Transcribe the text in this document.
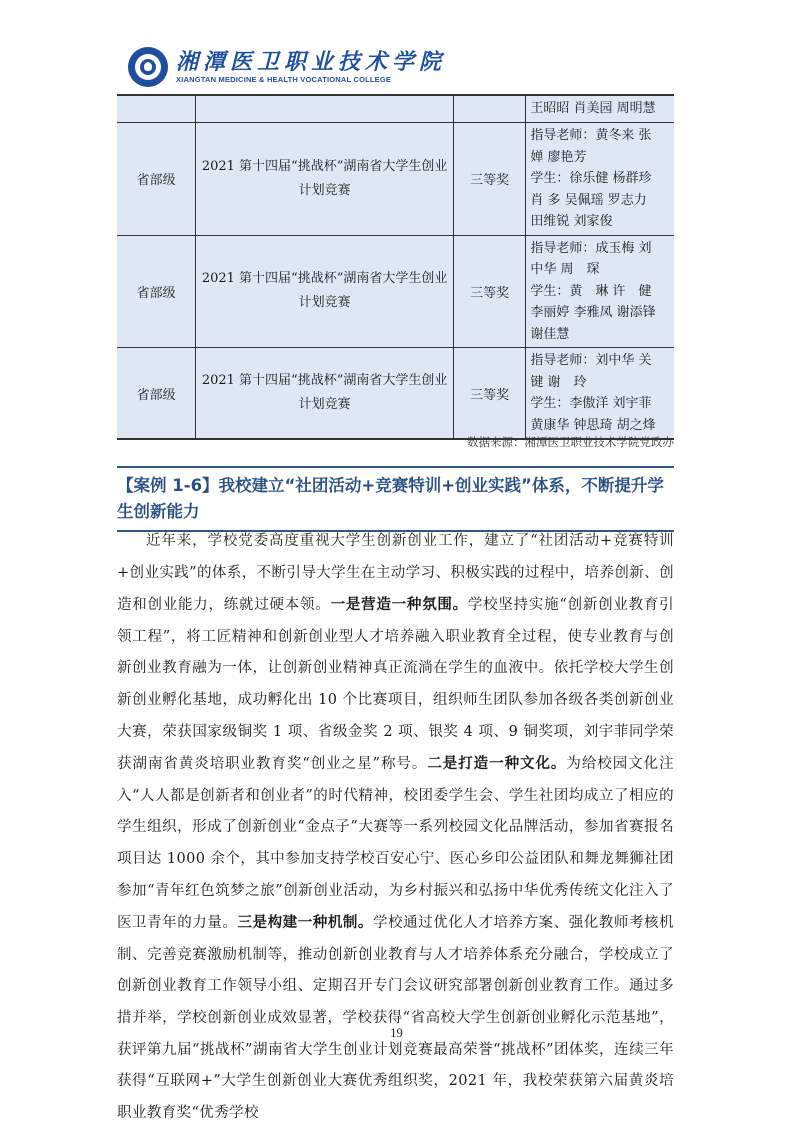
湘潭医卫职业技术学院
XIANGTAN MEDICINE & HEALTH VOCATIONAL COLLEGE

			王昭昭 肖美园 周明慧

省部级	2021 第十四届“挑战杯”湖南省大学生创业计划竞赛	三等奖	指导老师：黄冬来 张
婵 廖艳芳
学生：徐乐健 杨群珍
肖 多 吴佩瑶 罗志力
田维锐 刘家俊

省部级	2021 第十四届“挑战杯”湖南省大学生创业计划竞赛	三等奖	指导老师：成玉梅 刘
中华 周　琛
学生：黄　琳 许　健
李丽婷 李雅凤 谢添锋
谢佳慧

省部级	2021 第十四届“挑战杯”湖南省大学生创业计划竞赛	三等奖	指导老师：刘中华 关
键 谢　玲
学生：李傲洋 刘宇菲
黄康华 钟思琦 胡之烽
数据来源：湘潭医卫职业技术学院党政办
【案例 1-6】我校建立“社团活动+竞赛特训+创业实践”体系，不断提升学生创新能力

近年来，学校党委高度重视大学生创新创业工作，建立了“社团活动+竞赛特训+创业实践”的体系，不断引导大学生在主动学习、积极实践的过程中，培养创新、创造和创业能力，练就过硬本领。一是营造一种氛围。学校坚持实施“创新创业教育引领工程”，将工匠精神和创新创业型人才培养融入职业教育全过程，使专业教育与创新创业教育融为一体，让创新创业精神真正流淌在学生的血液中。依托学校大学生创新创业孵化基地，成功孵化出 10 个比赛项目，组织师生团队参加各级各类创新创业大赛，荣获国家级铜奖 1 项、省级金奖 2 项、银奖 4 项、9 铜奖项，刘宇菲同学荣获湖南省黄炎培职业教育奖“创业之星”称号。二是打造一种文化。为给校园文化注入“人人都是创新者和创业者”的时代精神，校团委学生会、学生社团均成立了相应的学生组织，形成了创新创业“金点子”大赛等一系列校园文化品牌活动，参加省赛报名项目达 1000 余个，其中参加支持学校百安心宁、医心乡印公益团队和舞龙舞狮社团参加“青年红色筑梦之旅”创新创业活动，为乡村振兴和弘扬中华优秀传统文化注入了医卫青年的力量。三是构建一种机制。学校通过优化人才培养方案、强化教师考核机制、完善竞赛激励机制等，推动创新创业教育与人才培养体系充分融合，学校成立了创新创业教育工作领导小组、定期召开专门会议研究部署创新创业教育工作。通过多措并举，学校创新创业成效显著，学校获得“省高校大学生创新创业孵化示范基地”，获评第九届“挑战杯”湖南省大学生创业计划竞赛最高荣誉“挑战杯”团体奖，连续三年获得“互联网+”大学生创新创业大赛优秀组织奖，2021 年，我校荣获第六届黄炎培职业教育奖“优秀学校

19
